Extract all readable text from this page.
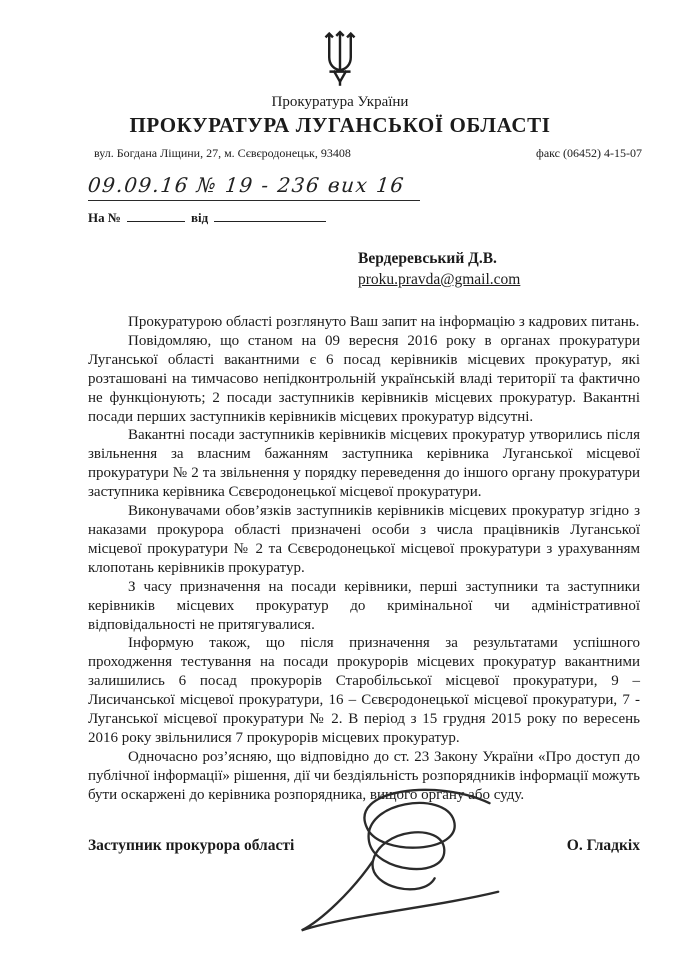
Прокуратура України
ПРОКУРАТУРА ЛУГАНСЬКОЇ ОБЛАСТІ
вул. Богдана Ліщини, 27, м. Сєвєродонецьк, 93408	факс (06452) 4-15-07
09.09.16 № 19 - 236 вих 16
На №	від
Вердеревський Д.В.
proku.pravda@gmail.com

Прокуратурою області розглянуто Ваш запит на інформацію з кадрових питань.

Повідомляю, що станом на 09 вересня 2016 року в органах прокуратури Луганської області вакантними є 6 посад керівників місцевих прокуратур, які розташовані на тимчасово непідконтрольній українській владі території та фактично не функціонують; 2 посади заступників керівників місцевих прокуратур. Вакантні посади перших заступників керівників місцевих прокуратур відсутні.

Вакантні посади заступників керівників місцевих прокуратур утворились після звільнення за власним бажанням заступника керівника Луганської місцевої прокуратури № 2 та звільнення у порядку переведення до іншого органу прокуратури заступника керівника Сєвєродонецької місцевої прокуратури.

Виконувачами обов’язків заступників керівників місцевих прокуратур згідно з наказами прокурора області призначені особи з числа працівників Луганської місцевої прокуратури № 2 та Сєвєродонецької місцевої прокуратури з урахуванням клопотань керівників прокуратур.

З часу призначення на посади керівники, перші заступники та заступники керівників місцевих прокуратур до кримінальної чи адміністративної відповідальності не притягувалися.

Інформую також, що після призначення за результатами успішного проходження тестування на посади прокурорів місцевих прокуратур вакантними залишились 6 посад прокурорів Старобільської місцевої прокуратури, 9 – Лисичанської місцевої прокуратури, 16 – Сєвєродонецької місцевої прокуратури, 7 - Луганської місцевої прокуратури № 2. В період з 15 грудня 2015 року по вересень 2016 року звільнилися 7 прокурорів місцевих прокуратур.

Одночасно роз’ясняю, що відповідно до ст. 23 Закону України «Про доступ до публічної інформації» рішення, дії чи бездіяльність розпорядників інформації можуть бути оскаржені до керівника розпорядника, вищого органу або суду.

Заступник прокурора області	О. Гладкіх
